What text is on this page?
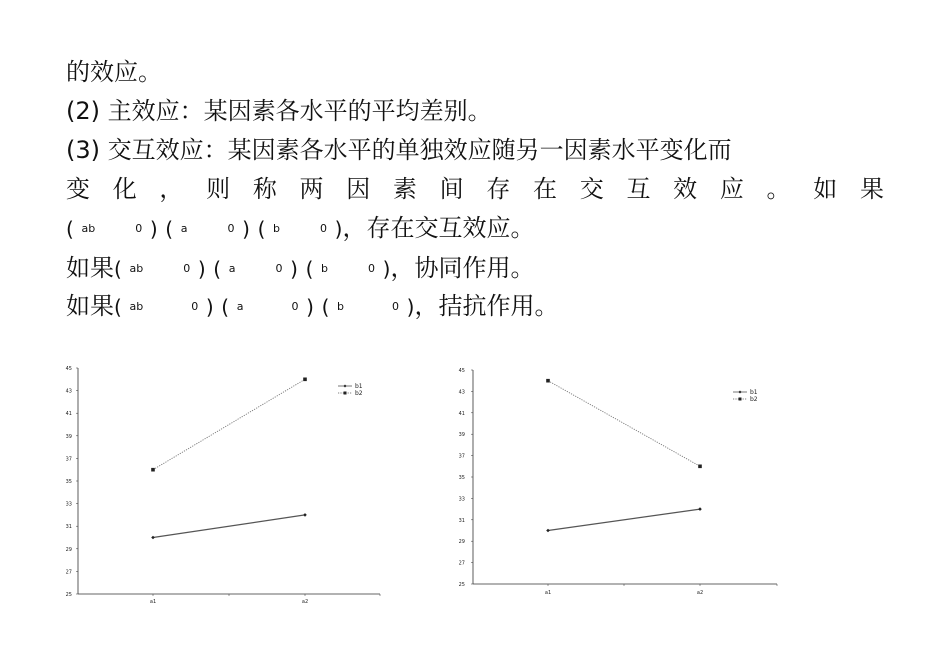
的效应。
(2) 主效应：某因素各水平的平均差别。
(3) 交互效应：某因素各水平的单独效应随另一因素水平变化而
变 化 ， 则 称 两 因 素 间 存 在 交 互 效 应 。 如 果
( ab	0 ) ( a	0 ) ( b	0 )，存在交互效应。
如果( ab	0 ) ( a	0 ) ( b	0 )，协同作用。
如果( ab	0 ) ( a	0 ) ( b	0 )，拮抗作用。
25
27
29
31
33
35
37
39
41
43
45
a1	a2
b1
b2
25
27
29
31
33
35
37
39
41
43
45
a1	a2
b1
b2
